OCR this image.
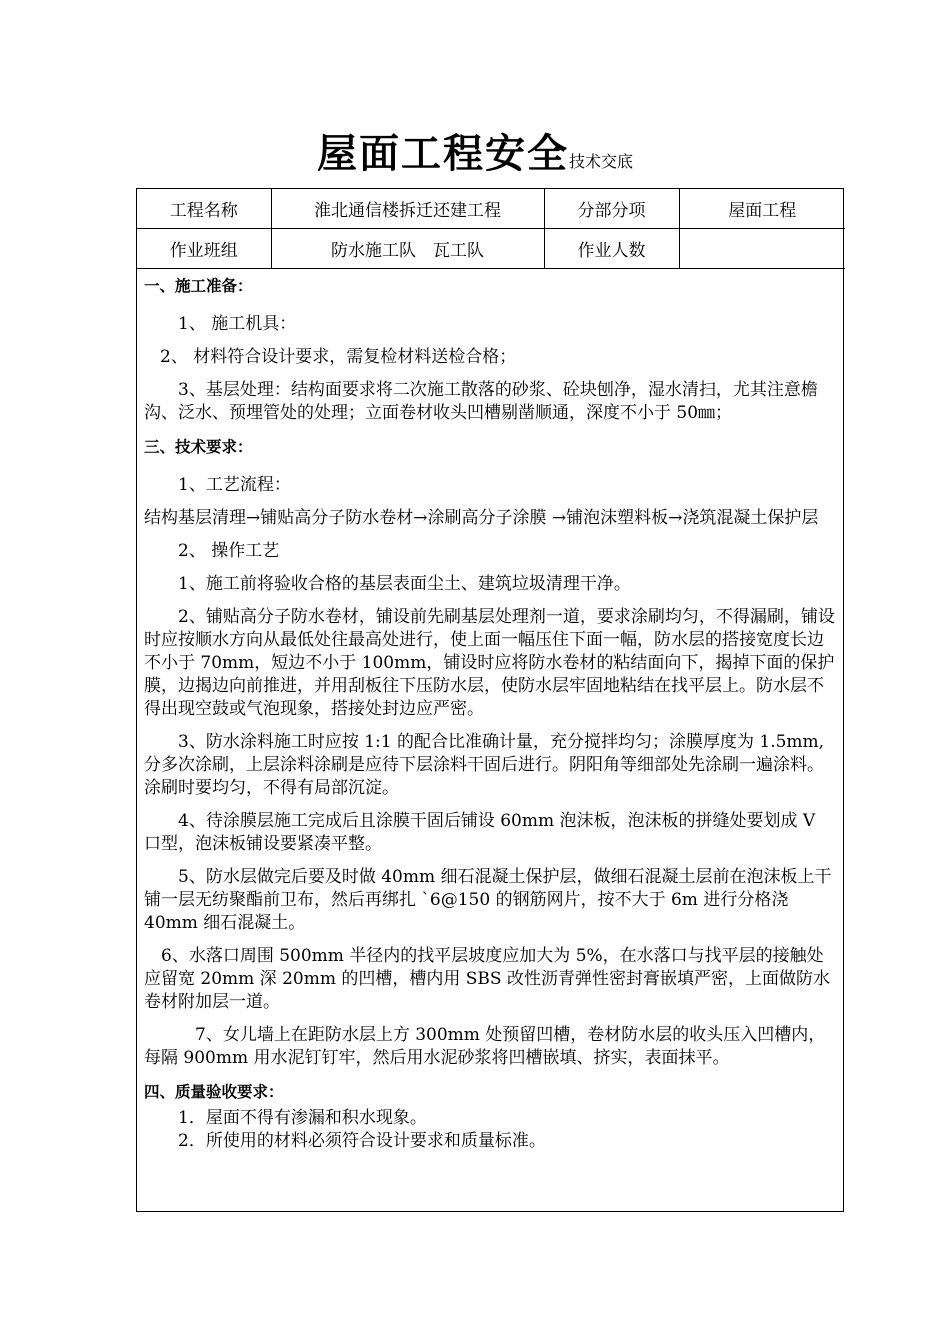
屋面工程安全技术交底
工程名称	淮北通信楼拆迁还建工程	分部分项	屋面工程
作业班组	防水施工队　瓦工队	作业人数	

一、施工准备：

1、 施工机具：

2、 材料符合设计要求，需复检材料送检合格；

3、基层处理：结构面要求将二次施工散落的砂浆、砼块刨净，湿水清扫，尤其注意檐沟、泛水、预埋管处的处理；立面卷材收头凹槽剔凿顺通，深度不小于 50㎜；

三、技术要求：

1、工艺流程：

结构基层清理→铺贴高分子防水卷材→涂刷高分子涂膜 →铺泡沫塑料板→浇筑混凝土保护层

2、 操作工艺

1、施工前将验收合格的基层表面尘土、建筑垃圾清理干净。

2、铺贴高分子防水卷材，铺设前先刷基层处理剂一道，要求涂刷均匀，不得漏刷，铺设时应按顺水方向从最低处往最高处进行，使上面一幅压住下面一幅，防水层的搭接宽度长边不小于 70mm，短边不小于 100mm，铺设时应将防水卷材的粘结面向下，揭掉下面的保护膜，边揭边向前推进，并用刮板往下压防水层，使防水层牢固地粘结在找平层上。防水层不得出现空鼓或气泡现象，搭接处封边应严密。

3、防水涂料施工时应按 1:1 的配合比准确计量，充分搅拌均匀；涂膜厚度为 1.5mm,分多次涂刷，上层涂料涂刷是应待下层涂料干固后进行。阴阳角等细部处先涂刷一遍涂料。涂刷时要均匀，不得有局部沉淀。

4、待涂膜层施工完成后且涂膜干固后铺设 60mm 泡沫板，泡沫板的拼缝处要划成 V 口型，泡沫板铺设要紧凑平整。

5、防水层做完后要及时做 40mm 细石混凝土保护层，做细石混凝土层前在泡沫板上干铺一层无纺聚酯前卫布，然后再绑扎 `6@150 的钢筋网片，按不大于 6m 进行分格浇 40mm 细石混凝土。

6、水落口周围 500mm 半径内的找平层坡度应加大为 5%，在水落口与找平层的接触处应留宽 20mm 深 20mm 的凹槽，槽内用 SBS 改性沥青弹性密封膏嵌填严密，上面做防水卷材附加层一道。

7、女儿墙上在距防水层上方 300mm 处预留凹槽，卷材防水层的收头压入凹槽内，每隔 900mm 用水泥钉钉牢，然后用水泥砂浆将凹槽嵌填、挤实，表面抹平。

四、质量验收要求：

1．屋面不得有渗漏和积水现象。

2．所使用的材料必须符合设计要求和质量标准。
